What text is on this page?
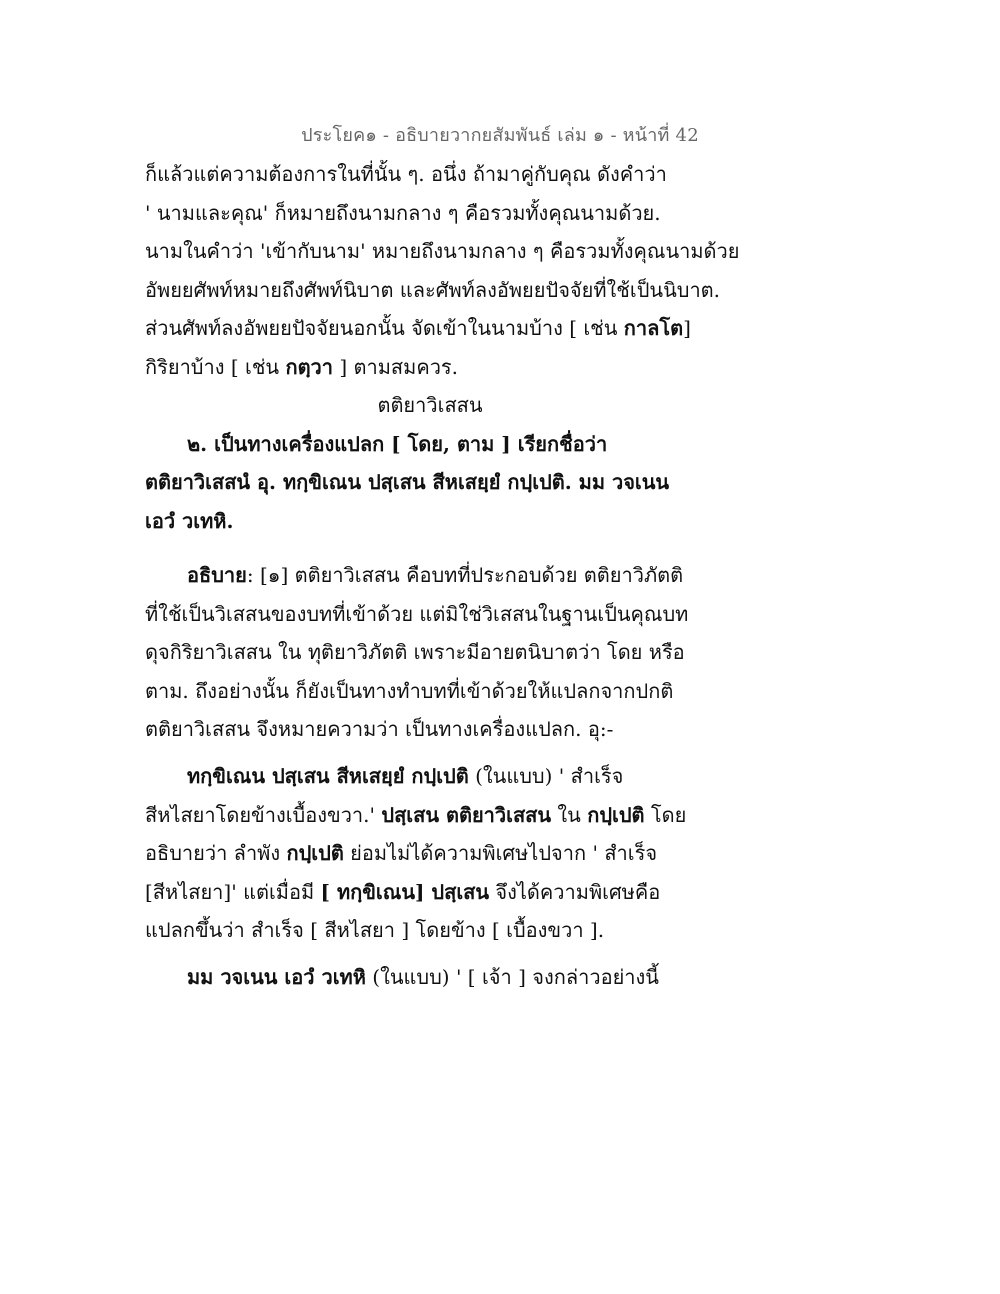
ประโยค๑ - อธิบายวากยสัมพันธ์ เล่ม ๑ - หน้าที่ 42
ก็แล้วแต่ความต้องการในที่นั้น ๆ. อนึ่ง ถ้ามาคู่กับคุณ ดังคำว่า
' นามและคุณ' ก็หมายถึงนามกลาง ๆ คือรวมทั้งคุณนามด้วย.
นามในคำว่า 'เข้ากับนาม' หมายถึงนามกลาง ๆ คือรวมทั้งคุณนามด้วย
อัพยยศัพท์หมายถึงศัพท์นิบาต และศัพท์ลงอัพยยปัจจัยที่ใช้เป็นนิบาต.
ส่วนศัพท์ลงอัพยยปัจจัยนอกนั้น จัดเข้าในนามบ้าง [ เช่น กาลโต]
กิริยาบ้าง [ เช่น กตฺวา ] ตามสมควร.
ตติยาวิเสสน
๒. เป็นทางเครื่องแปลก [ โดย, ตาม ] เรียกชื่อว่า
ตติยาวิเสสนํ อุ. ทกฺขิเณน ปสฺเสน สีหเสยฺยํ กปฺเปติ. มม วจเนน
เอวํ วเทหิ.
อธิบาย: [๑] ตติยาวิเสสน คือบทที่ประกอบด้วย ตติยาวิภัตติ
ที่ใช้เป็นวิเสสนของบทที่เข้าด้วย แต่มิใช่วิเสสนในฐานเป็นคุณบท
ดุจกิริยาวิเสสน ใน ทุติยาวิภัตติ เพราะมีอายตนิบาตว่า โดย หรือ
ตาม. ถึงอย่างนั้น ก็ยังเป็นทางทำบทที่เข้าด้วยให้แปลกจากปกติ
ตติยาวิเสสน จึงหมายความว่า เป็นทางเครื่องแปลก. อุ:-
ทกฺขิเณน ปสฺเสน สีหเสยฺยํ กปฺเปติ (ในแบบ) ' สำเร็จ
สีหไสยาโดยข้างเบื้องขวา.' ปสฺเสน ตติยาวิเสสน ใน กปฺเปติ โดย
อธิบายว่า ลำพัง กปฺเปติ ย่อมไม่ได้ความพิเศษไปจาก ' สำเร็จ
[สีหไสยา]' แต่เมื่อมี [ ทกฺขิเณน] ปสฺเสน จึงได้ความพิเศษคือ
แปลกขึ้นว่า สำเร็จ [ สีหไสยา ] โดยข้าง [ เบื้องขวา ].
มม วจเนน เอวํ วเทหิ (ในแบบ) ' [ เจ้า ] จงกล่าวอย่างนี้
